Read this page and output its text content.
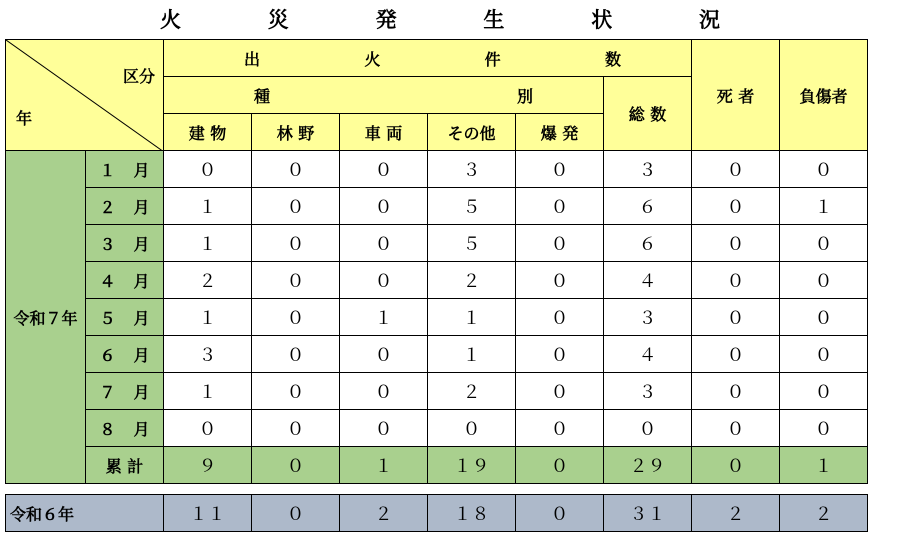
火	災	発	生	状	況
区分
年		出 火 件 数						死 者	負傷者

		種 別					総 数		
		建 物	林 野	車 両	その他	爆 発			
令和７年	１ 月	０	０	０	３	０	３	０	０
	２ 月	１	０	０	５	０	６	０	１
	３ 月	１	０	０	５	０	６	０	０
	４ 月	２	０	０	２	０	４	０	０
	５ 月	１	０	１	１	０	３	０	０
	６ 月	３	０	０	１	０	４	０	０
	７ 月	１	０	０	２	０	３	０	０
	８ 月	０	０	０	０	０	０	０	０
	累 計	９	０	１	１９	０	２９	０	１
令和６年	１１	０	２	１８	０	３１	２	２
